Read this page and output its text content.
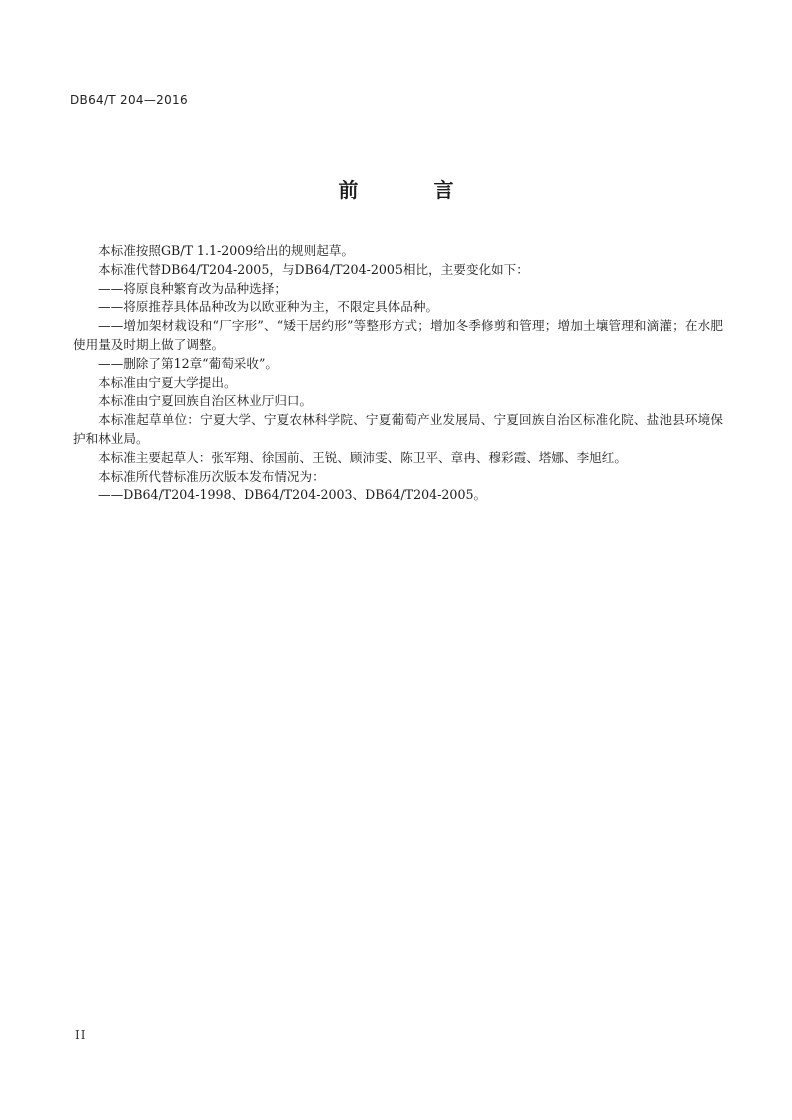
DB64/T 204—2016
前 言

本标准按照GB/T 1.1-2009给出的规则起草。

本标准代替DB64/T204-2005，与DB64/T204-2005相比，主要变化如下：

——将原良种繁育改为品种选择；

——将原推荐具体品种改为以欧亚种为主，不限定具体品种。

——增加架材栽设和“厂字形”、“矮干居约形”等整形方式；增加冬季修剪和管理；增加土壤管理和滴灌；在水肥使用量及时期上做了调整。

——删除了第12章“葡萄采收”。

本标准由宁夏大学提出。

本标准由宁夏回族自治区林业厅归口。

本标准起草单位：宁夏大学、宁夏农林科学院、宁夏葡萄产业发展局、宁夏回族自治区标准化院、盐池县环境保护和林业局。

本标准主要起草人：张军翔、徐国前、王锐、顾沛雯、陈卫平、章冉、穆彩霞、塔娜、李旭红。

本标准所代替标准历次版本发布情况为：

——DB64/T204-1998、DB64/T204-2003、DB64/T204-2005。

II
